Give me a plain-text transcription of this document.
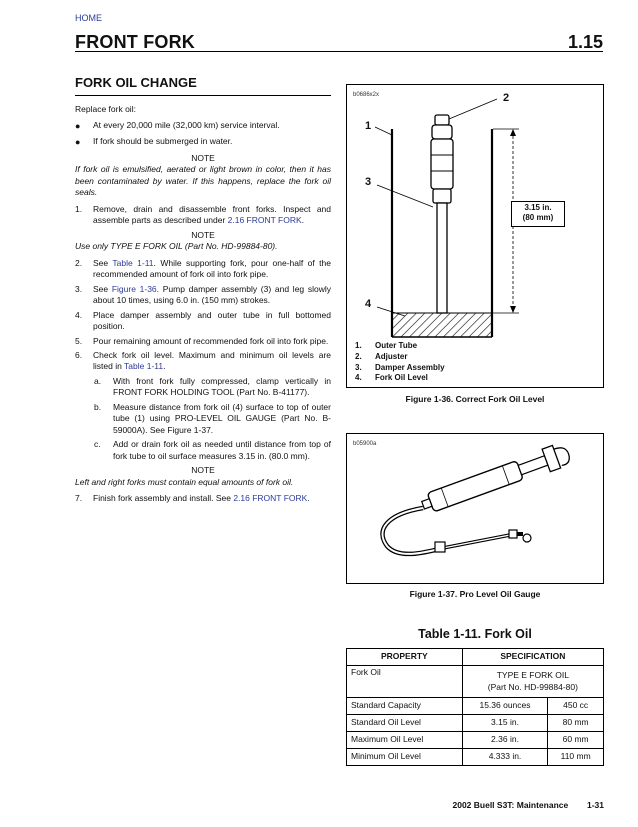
HOME
FRONT FORK	1.15
FORK OIL CHANGE
Replace fork oil:
● At every 20,000 mile (32,000 km) service interval.
● If fork should be submerged in water.
NOTE
If fork oil is emulsified, aerated or light brown in color, then it has been contaminated by water. If this happens, replace the fork oil seals.
1. Remove, drain and disassemble front forks. Inspect and assemble parts as described under 2.16 FRONT FORK.
NOTE
Use only TYPE E FORK OIL (Part No. HD-99884-80).
2. See Table 1-11. While supporting fork, pour one-half of the recommended amount of fork oil into fork pipe.
3. See Figure 1-36. Pump damper assembly (3) and leg slowly about 10 times, using 6.0 in. (150 mm) strokes.
4. Place damper assembly and outer tube in full bottomed position.
5. Pour remaining amount of recommended fork oil into fork pipe.
6. Check fork oil level. Maximum and minimum oil levels are listed in Table 1-11.
a. With front fork fully compressed, clamp vertically in FRONT FORK HOLDING TOOL (Part No. B-41177).
b. Measure distance from fork oil (4) surface to top of outer tube (1) using PRO-LEVEL OIL GAUGE (Part No. B-59000A). See Figure 1-37.
c. Add or drain fork oil as needed until distance from top of fork tube to oil surface measures 3.15 in. (80.0 mm).
NOTE
Left and right forks must contain equal amounts of fork oil.
7. Finish fork assembly and install. See 2.16 FRONT FORK.
b0686x2x
1
2
3
4
3.15 in.
(80 mm)
1. Outer Tube
2. Adjuster
3. Damper Assembly
4. Fork Oil Level
Figure 1-36. Correct Fork Oil Level
b05900a
Figure 1-37. Pro Level Oil Gauge
Table 1-11. Fork Oil
PROPERTY	SPECIFICATION	
Fork Oil	TYPE E FORK OIL
(Part No. HD-99884-80)	

Standard Capacity	15.36 ounces	450 cc
Standard Oil Level	3.15 in.	80 mm
Maximum Oil Level	2.36 in.	60 mm
Minimum Oil Level	4.333 in.	110 mm
2002 Buell S3T: Maintenance 1-31
